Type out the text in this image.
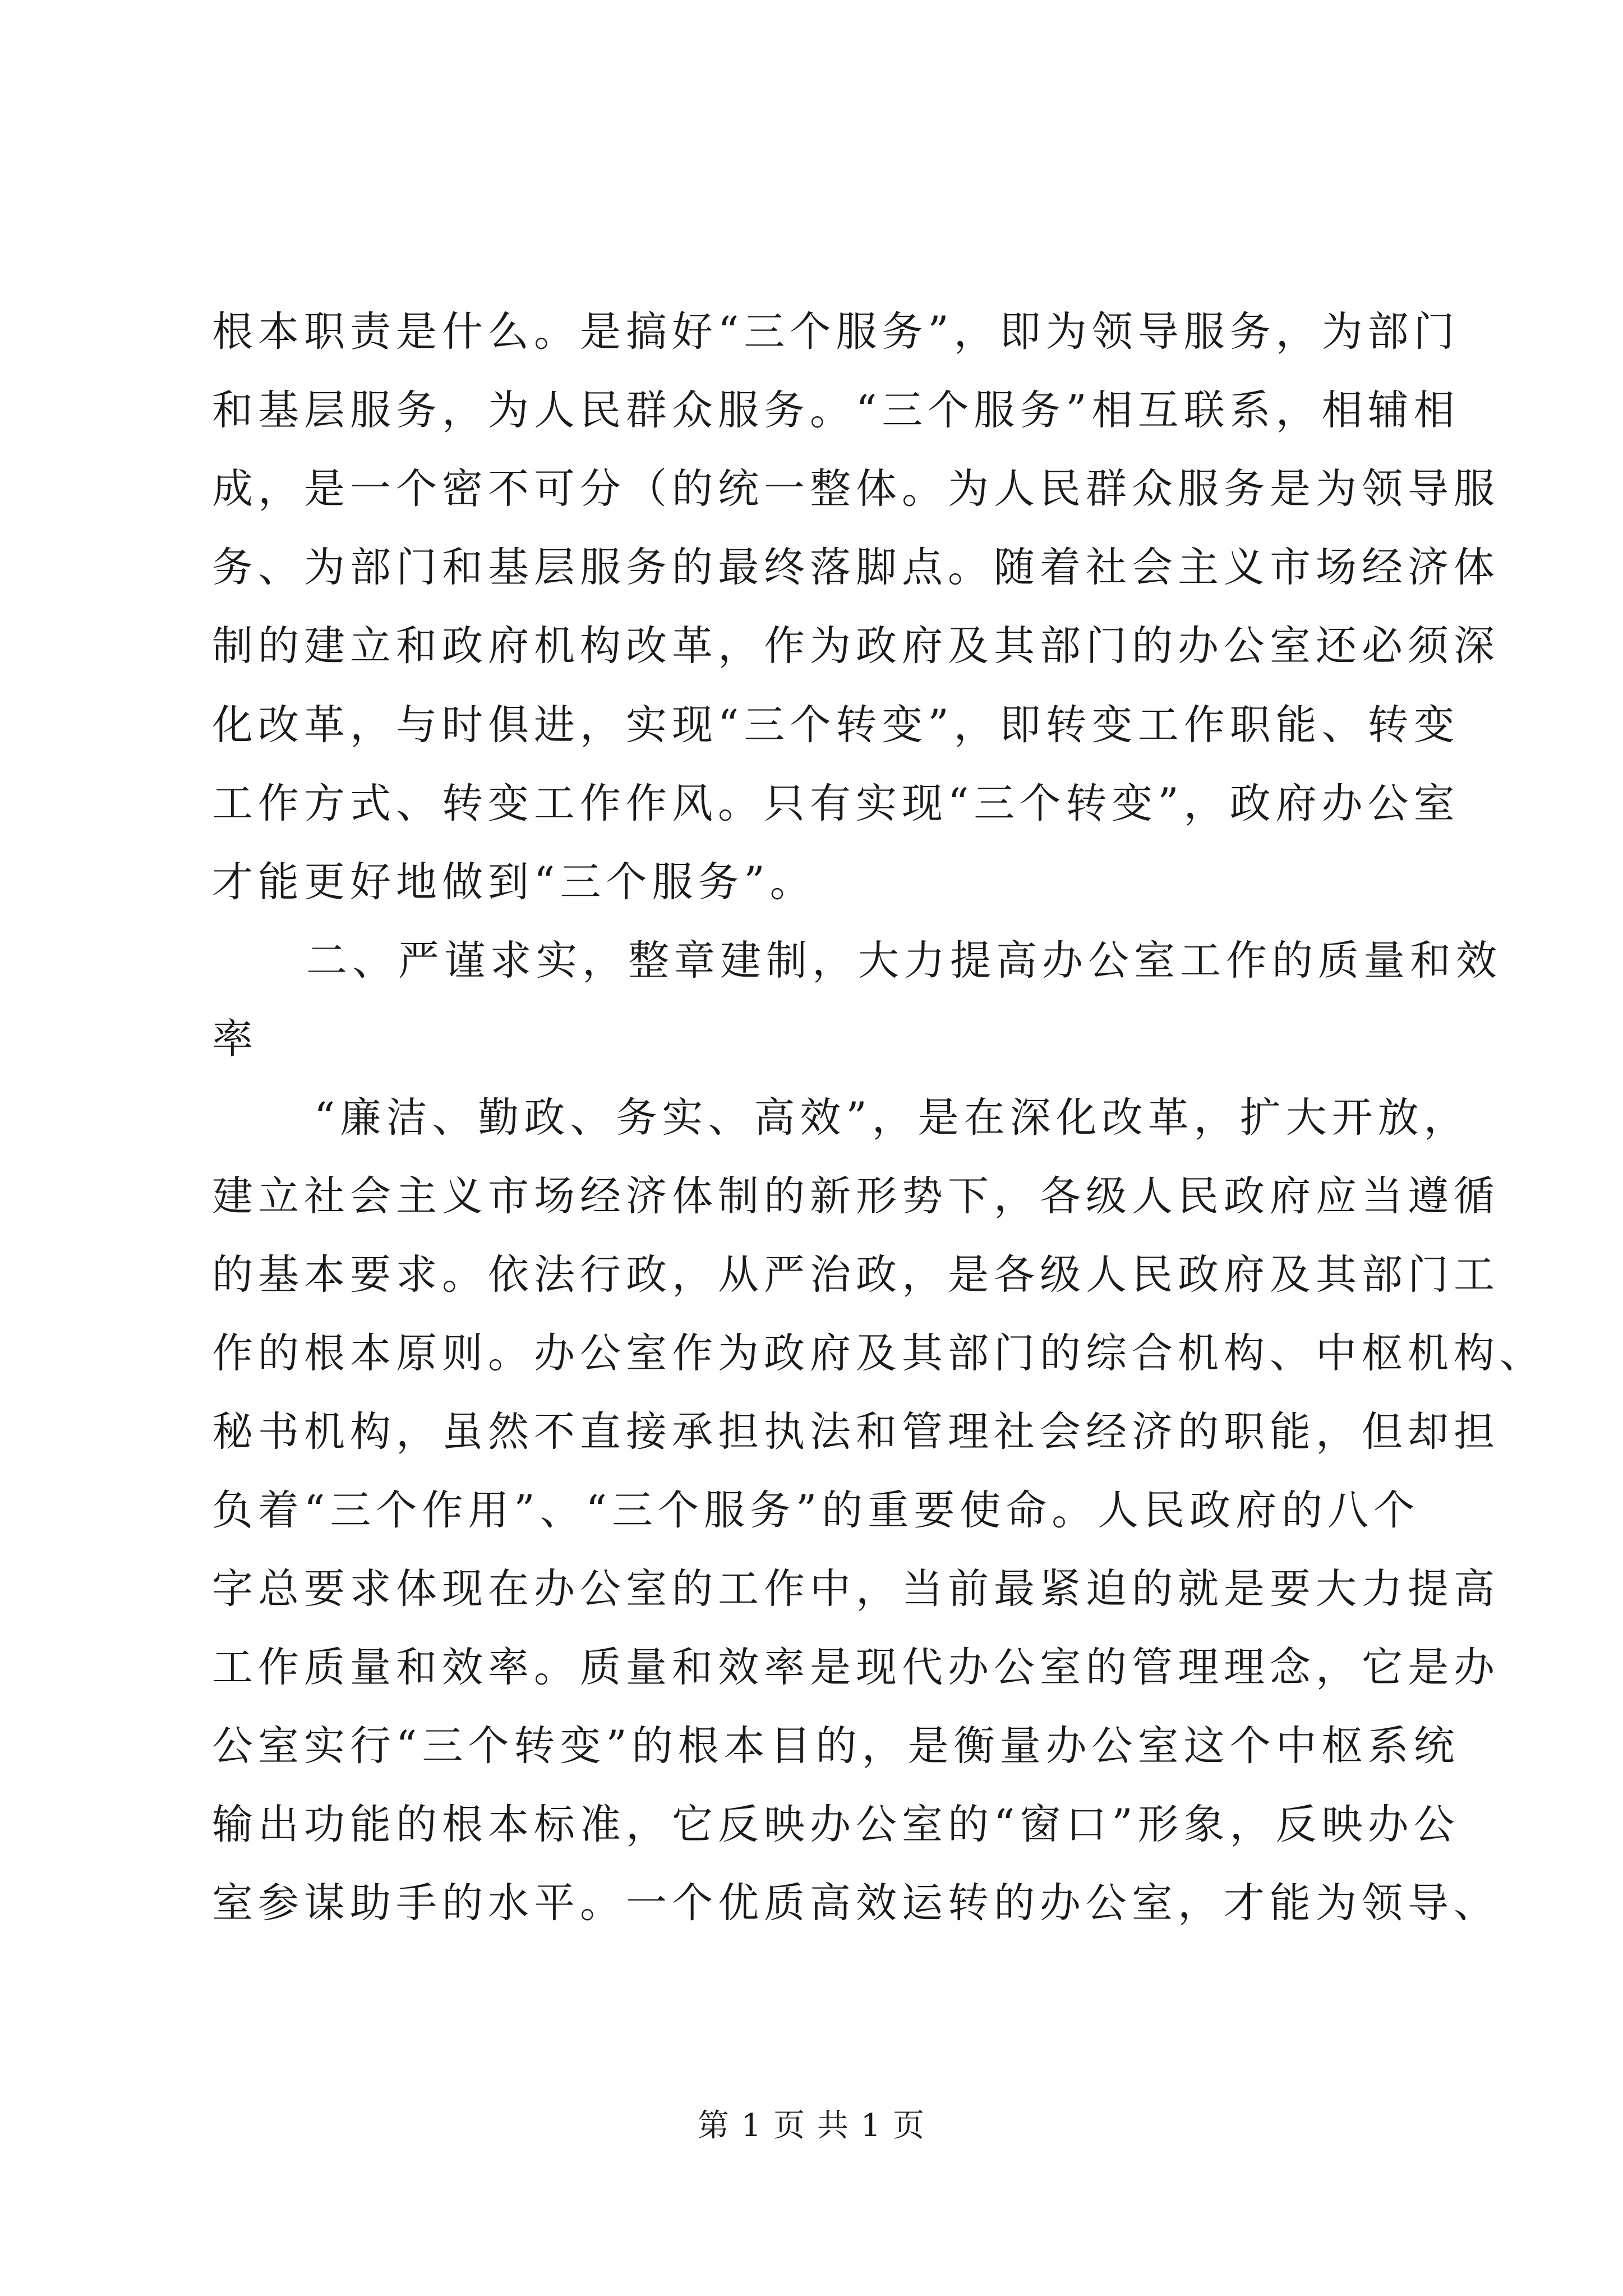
根本职责是什么。是搞好“三个服务”，即为领导服务，为部门
和基层服务，为人民群众服务。“三个服务”相互联系，相辅相
成，是一个密不可分（的统一整体。为人民群众服务是为领导服
务、为部门和基层服务的最终落脚点。随着社会主义市场经济体
制的建立和政府机构改革，作为政府及其部门的办公室还必须深
化改革，与时俱进，实现“三个转变”，即转变工作职能、转变
工作方式、转变工作作风。只有实现“三个转变”，政府办公室
才能更好地做到“三个服务”。
二、严谨求实，整章建制，大力提高办公室工作的质量和效
率
“廉洁、勤政、务实、高效”，是在深化改革，扩大开放，
建立社会主义市场经济体制的新形势下，各级人民政府应当遵循
的基本要求。依法行政，从严治政，是各级人民政府及其部门工
作的根本原则。办公室作为政府及其部门的综合机构、中枢机构、
秘书机构，虽然不直接承担执法和管理社会经济的职能，但却担
负着“三个作用”、“三个服务”的重要使命。人民政府的八个
字总要求体现在办公室的工作中，当前最紧迫的就是要大力提高
工作质量和效率。质量和效率是现代办公室的管理理念，它是办
公室实行“三个转变”的根本目的，是衡量办公室这个中枢系统
输出功能的根本标准，它反映办公室的“窗口”形象，反映办公
室参谋助手的水平。一个优质高效运转的办公室，才能为领导、
第 1 页 共 1 页
